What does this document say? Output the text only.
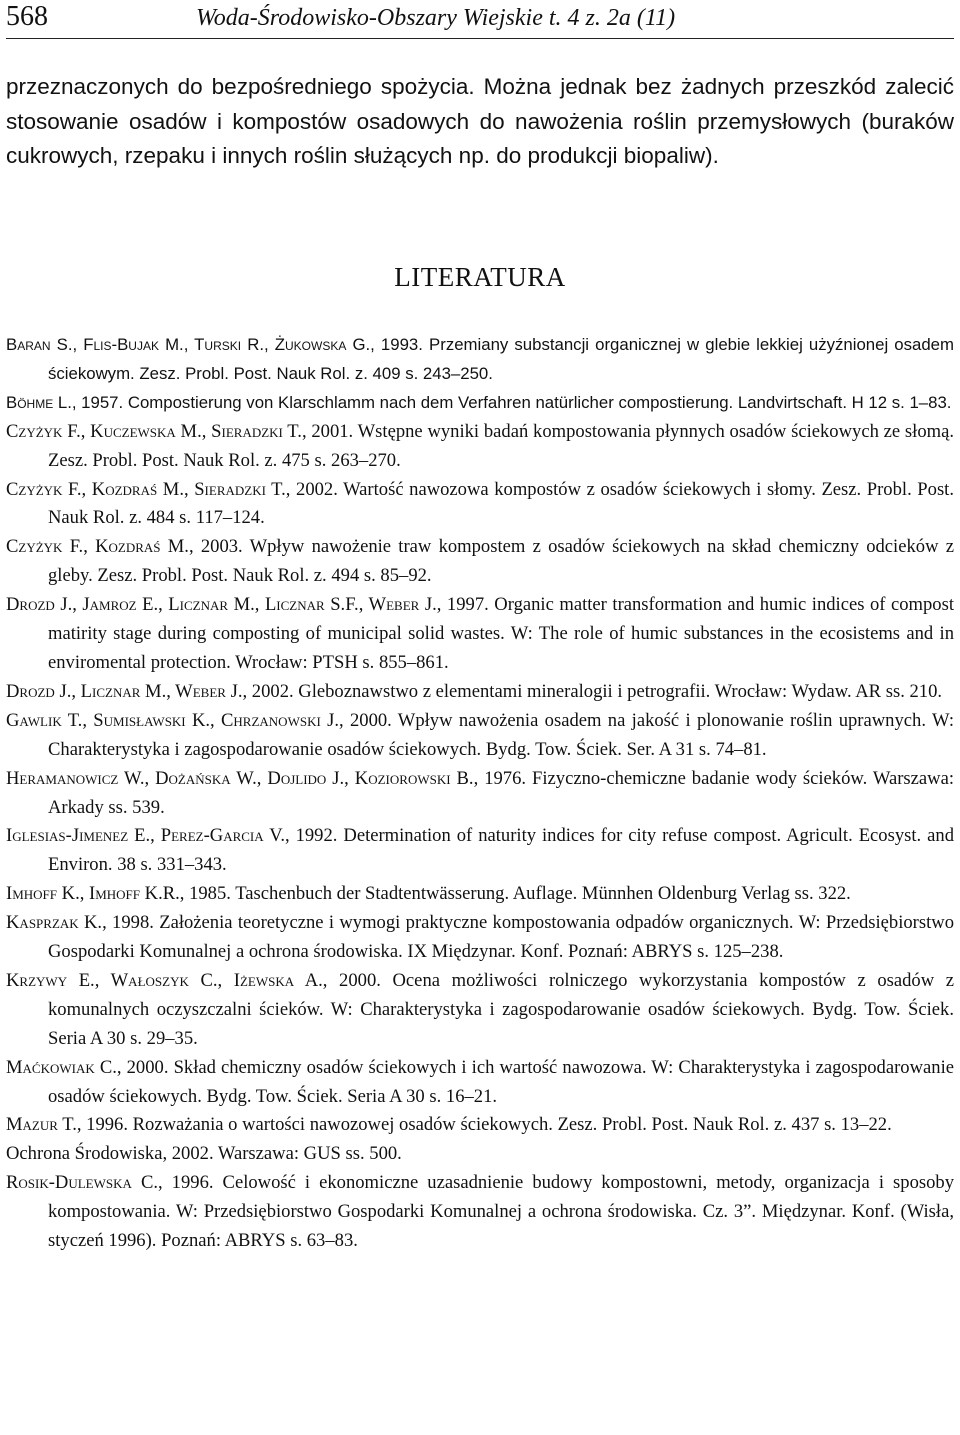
568	Woda-Środowisko-Obszary Wiejskie t. 4 z. 2a (11)

przeznaczonych do bezpośredniego spożycia. Można jednak bez żadnych przeszkód zalecić stosowanie osadów i kompostów osadowych do nawożenia roślin przemysłowych (buraków cukrowych, rzepaku i innych roślin służących np. do produkcji biopaliw).

LITERATURA
Baran S., Flis-Bujak M., Turski R., Żukowska G., 1993. Przemiany substancji organicznej w glebie lekkiej użyźnionej osadem ściekowym. Zesz. Probl. Post. Nauk Rol. z. 409 s. 243–250.
Böhme L., 1957. Compostierung von Klarschlamm nach dem Verfahren natürlicher compostierung. Landvirtschaft. H 12 s. 1–83.
Czyżyk F., Kuczewska M., Sieradzki T., 2001. Wstępne wyniki badań kompostowania płynnych osadów ściekowych ze słomą. Zesz. Probl. Post. Nauk Rol. z. 475 s. 263–270.
Czyżyk F., Kozdraś M., Sieradzki T., 2002. Wartość nawozowa kompostów z osadów ściekowych i słomy. Zesz. Probl. Post. Nauk Rol. z. 484 s. 117–124.
Czyżyk F., Kozdraś M., 2003. Wpływ nawożenie traw kompostem z osadów ściekowych na skład chemiczny odcieków z gleby. Zesz. Probl. Post. Nauk Rol. z. 494 s. 85–92.
Drozd J., Jamroz E., Licznar M., Licznar S.F., Weber J., 1997. Organic matter transformation and humic indices of compost matirity stage during composting of municipal solid wastes. W: The role of humic substances in the ecosistems and in enviromental protection. Wrocław: PTSH s. 855–861.
Drozd J., Licznar M., Weber J., 2002. Gleboznawstwo z elementami mineralogii i petrografii. Wrocław: Wydaw. AR ss. 210.
Gawlik T., Sumisławski K., Chrzanowski J., 2000. Wpływ nawożenia osadem na jakość i plonowanie roślin uprawnych. W: Charakterystyka i zagospodarowanie osadów ściekowych. Bydg. Tow. Ściek. Ser. A 31 s. 74–81.
Heramanowicz W., Dożańska W., Dojlido J., Koziorowski B., 1976. Fizyczno-chemiczne badanie wody ścieków. Warszawa: Arkady ss. 539.
Iglesias-Jimenez E., Perez-Garcia V., 1992. Determination of naturity indices for city refuse compost. Agricult. Ecosyst. and Environ. 38 s. 331–343.
Imhoff K., Imhoff K.R., 1985. Taschenbuch der Stadtentwässerung. Auflage. Münnhen Oldenburg Verlag ss. 322.
Kasprzak K., 1998. Założenia teoretyczne i wymogi praktyczne kompostowania odpadów organicznych. W: Przedsiębiorstwo Gospodarki Komunalnej a ochrona środowiska. IX Międzynar. Konf. Poznań: ABRYS s. 125–238.
Krzywy E., Wałoszyk C., Iżewska A., 2000. Ocena możliwości rolniczego wykorzystania kompostów z osadów z komunalnych oczyszczalni ścieków. W: Charakterystyka i zagospodarowanie osadów ściekowych. Bydg. Tow. Ściek. Seria A 30 s. 29–35.
Maćkowiak C., 2000. Skład chemiczny osadów ściekowych i ich wartość nawozowa. W: Charakterystyka i zagospodarowanie osadów ściekowych. Bydg. Tow. Ściek. Seria A 30 s. 16–21.
Mazur T., 1996. Rozważania o wartości nawozowej osadów ściekowych. Zesz. Probl. Post. Nauk Rol. z. 437 s. 13–22.
Ochrona Środowiska, 2002. Warszawa: GUS ss. 500.
Rosik-Dulewska C., 1996. Celowość i ekonomiczne uzasadnienie budowy kompostowni, metody, organizacja i sposoby kompostowania. W: Przedsiębiorstwo Gospodarki Komunalnej a ochrona środowiska. Cz. 3”. Międzynar. Konf. (Wisła, styczeń 1996). Poznań: ABRYS s. 63–83.
